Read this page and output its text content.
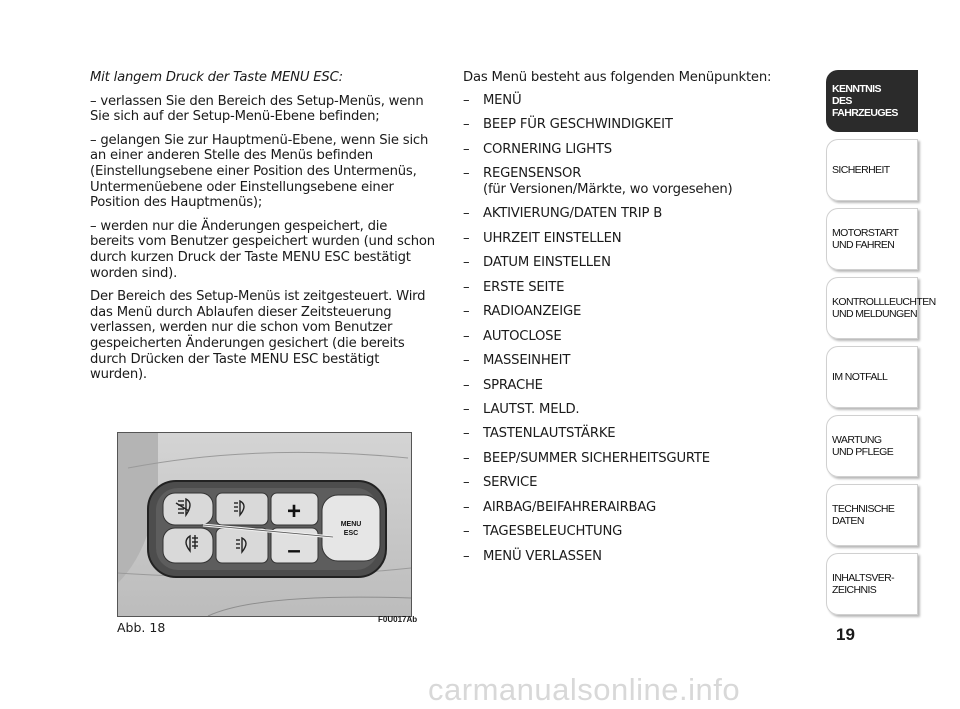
Mit langem Druck der Taste MENU ESC:

– verlassen Sie den Bereich des Setup-Menüs, wenn Sie sich auf der Setup-Menü-Ebene befinden;

– gelangen Sie zur Hauptmenü-Ebene, wenn Sie sich an einer anderen Stelle des Menüs befinden (Einstellungsebene einer Position des Untermenüs, Untermenüebene oder Einstellungsebene einer Position des Hauptmenüs);

– werden nur die Änderungen gespeichert, die bereits vom Benutzer gespeichert wurden (und schon durch kurzen Druck der Taste MENU ESC bestätigt worden sind).

Der Bereich des Setup-Menüs ist zeitgesteuert. Wird das Menü durch Ablaufen dieser Zeitsteuerung verlassen, werden nur die schon vom Benutzer gespeicherten Änderungen gesichert (die bereits durch Drücken der Taste MENU ESC bestätigt wurden).

Das Menü besteht aus folgenden Menüpunkten:

–	MENÜ
–	BEEP FÜR GESCHWINDIGKEIT
–	CORNERING LIGHTS
–	REGENSENSOR
(für Versionen/Märkte, wo vorgesehen)
–	AKTIVIERUNG/DATEN TRIP B
–	UHRZEIT EINSTELLEN
–	DATUM EINSTELLEN
–	ERSTE SEITE
–	RADIOANZEIGE
–	AUTOCLOSE
–	MASSEINHEIT
–	SPRACHE
–	LAUTST. MELD.
–	TASTENLAUTSTÄRKE
–	BEEP/SUMMER SICHERHEITSGURTE
–	SERVICE
–	AIRBAG/BEIFAHRERAIRBAG
–	TAGESBELEUCHTUNG
–	MENÜ VERLASSEN
+
–
MENU
ESC
Abb. 18
F0U017Ab
KENNTNIS
DES FAHRZEUGES
SICHERHEIT
MOTORSTART
UND FAHREN
KONTROLLLEUCHTEN
UND MELDUNGEN
IM NOTFALL
WARTUNG
UND PFLEGE
TECHNISCHE DATEN
INHALTSVER-
ZEICHNIS
19
carmanualsonline.info
